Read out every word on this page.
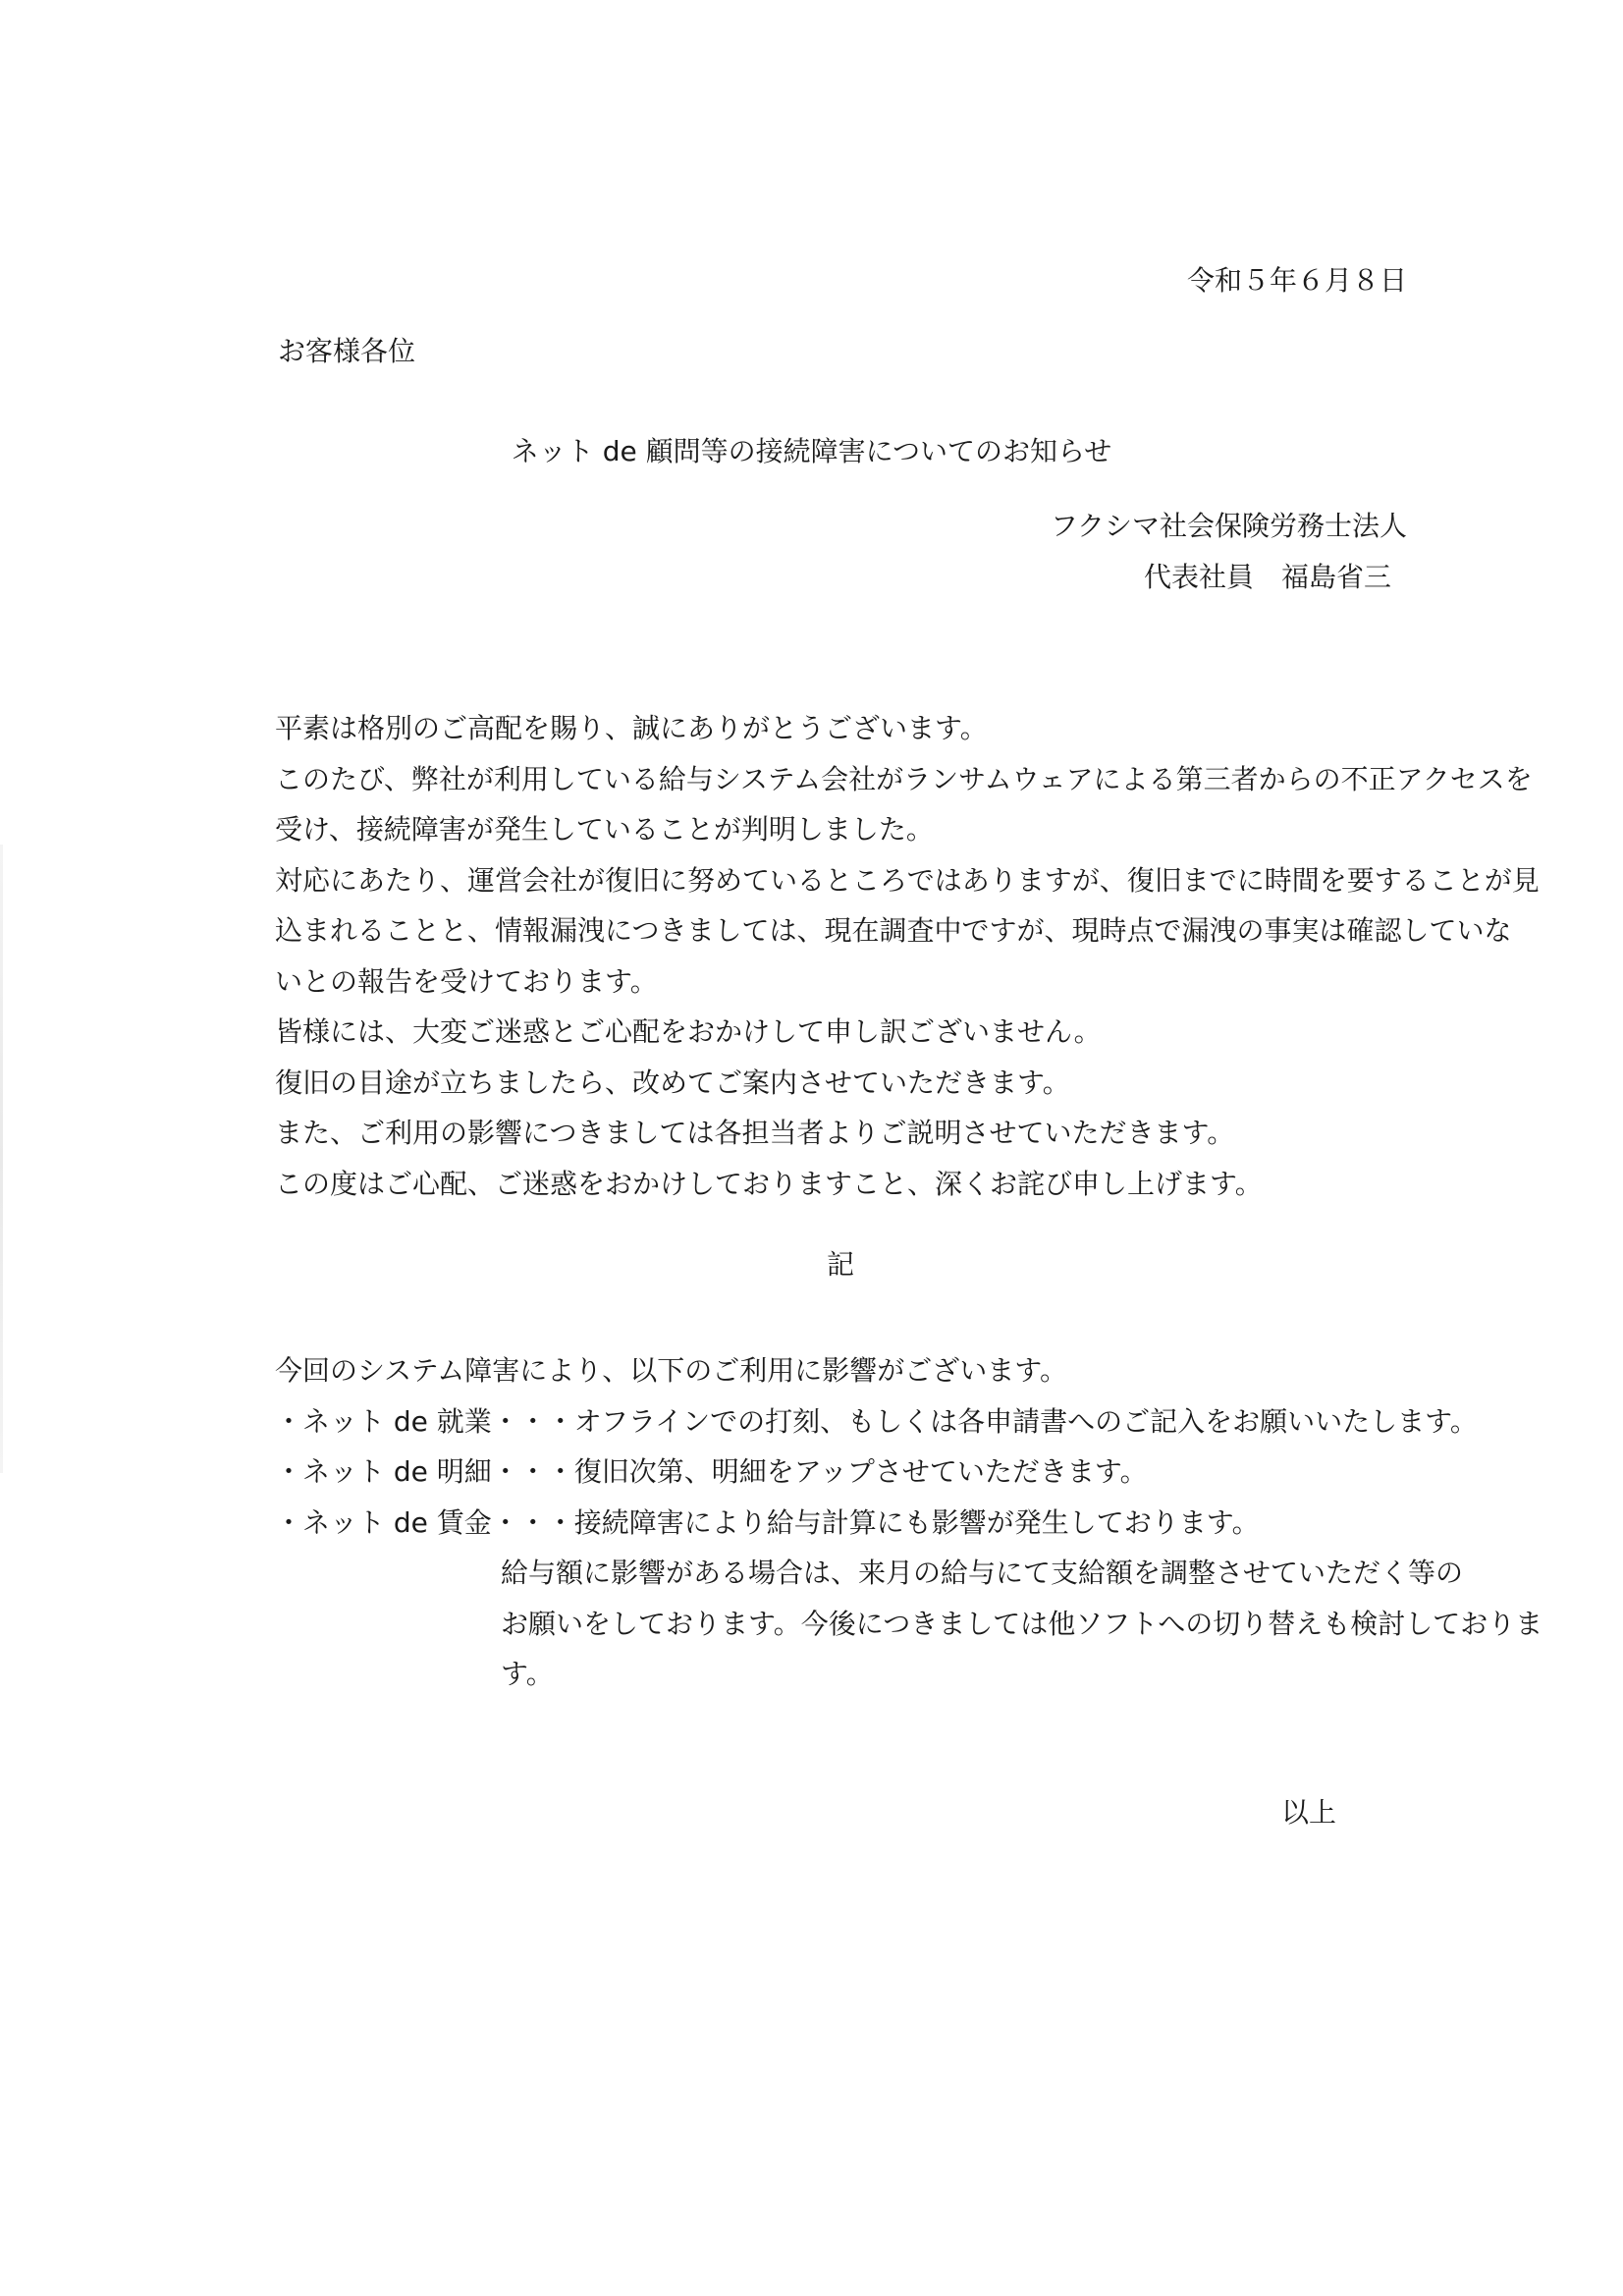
令和５年６月８日
お客様各位
ネット de 顧問等の接続障害についてのお知らせ
フクシマ社会保険労務士法人
代表社員　福島省三

平素は格別のご高配を賜り、誠にありがとうございます。

このたび、弊社が利用している給与システム会社がランサムウェアによる第三者からの不正アクセスを

受け、接続障害が発生していることが判明しました。

対応にあたり、運営会社が復旧に努めているところではありますが、復旧までに時間を要することが見

込まれることと、情報漏洩につきましては、現在調査中ですが、現時点で漏洩の事実は確認していな

いとの報告を受けております。

皆様には、大変ご迷惑とご心配をおかけして申し訳ございません。

復旧の目途が立ちましたら、改めてご案内させていただきます。

また、ご利用の影響につきましては各担当者よりご説明させていただきます。

この度はご心配、ご迷惑をおかけしておりますこと、深くお詫び申し上げます。

記

今回のシステム障害により、以下のご利用に影響がございます。

・ネット de 就業・・・オフラインでの打刻、もしくは各申請書へのご記入をお願いいたします。

・ネット de 明細・・・復旧次第、明細をアップさせていただきます。

・ネット de 賃金・・・接続障害により給与計算にも影響が発生しております。

給与額に影響がある場合は、来月の給与にて支給額を調整させていただく等の

お願いをしております。今後につきましては他ソフトへの切り替えも検討しておりま

す。

以上
